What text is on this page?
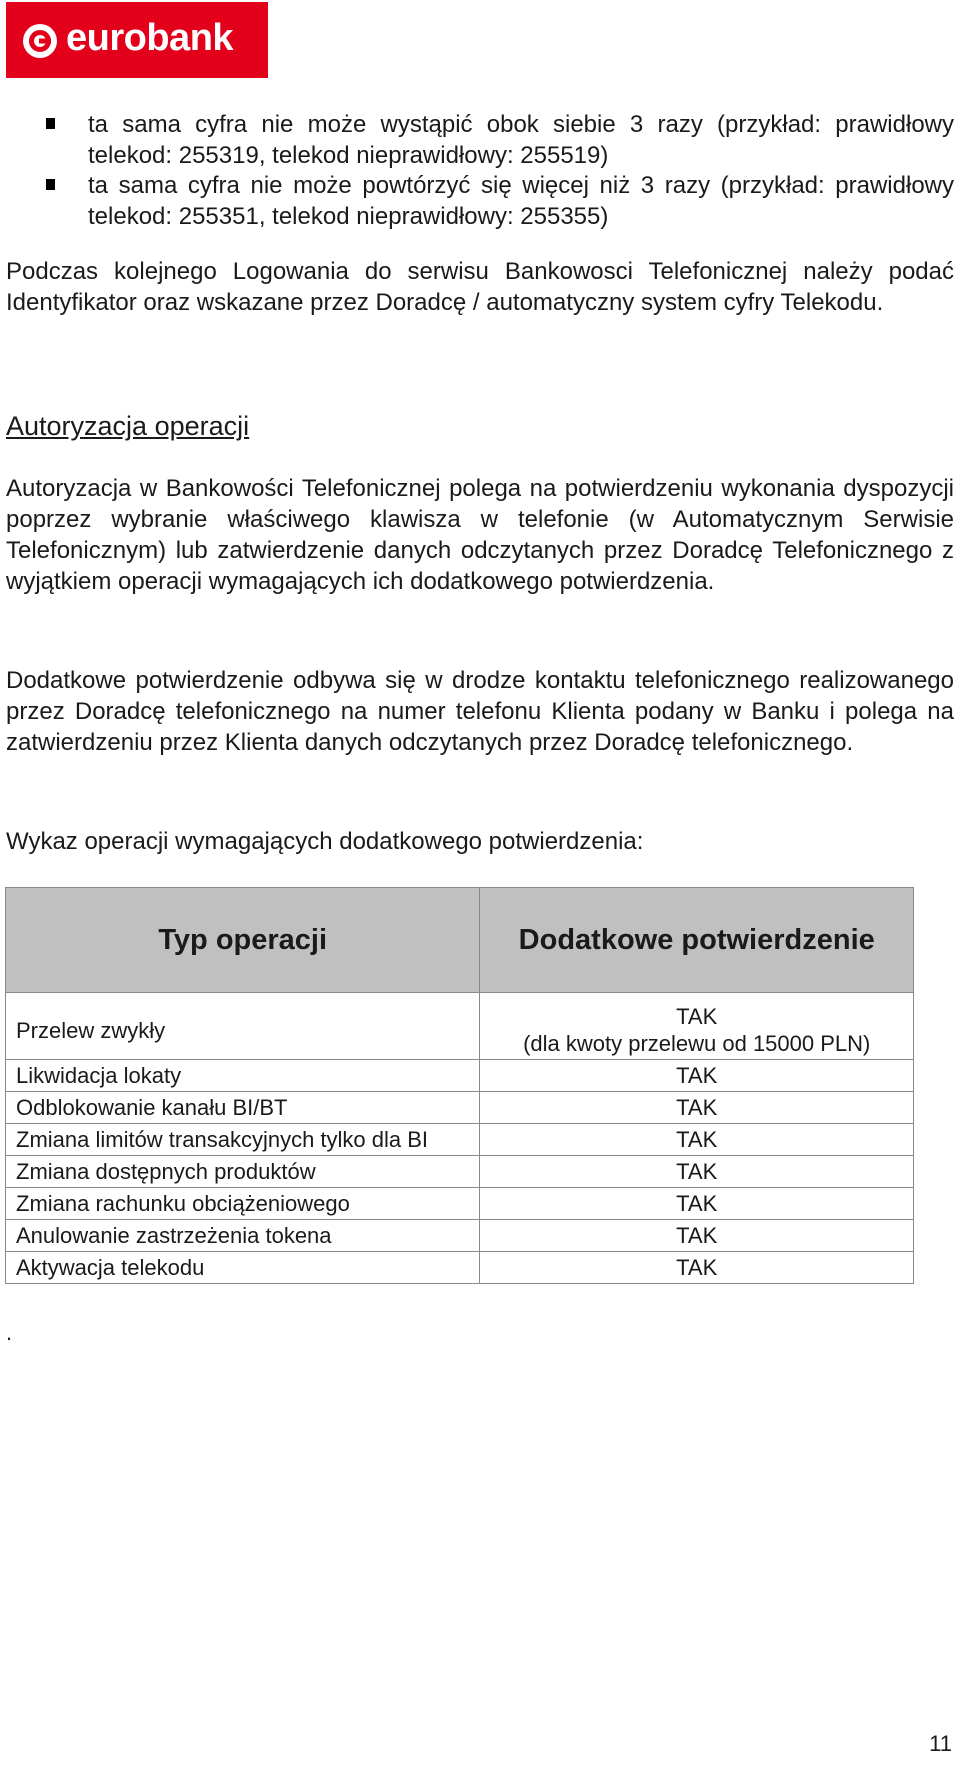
eurobank
ta sama cyfra nie może wystąpić obok siebie 3 razy (przykład: prawidłowy telekod: 255319, telekod nieprawidłowy: 255519)
ta sama cyfra nie może powtórzyć się więcej niż 3 razy (przykład: prawidłowy telekod: 255351, telekod nieprawidłowy: 255355)

Podczas kolejnego Logowania do serwisu Bankowosci Telefonicznej należy podać Identyfikator oraz wskazane przez Doradcę / automatyczny system cyfry Telekodu.

Autoryzacja operacji

Autoryzacja w Bankowości Telefonicznej polega na potwierdzeniu wykonania dyspozycji poprzez wybranie właściwego klawisza w telefonie (w Automatycznym Serwisie Telefonicznym) lub zatwierdzenie danych odczytanych przez Doradcę Telefonicznego z wyjątkiem operacji wymagających ich dodatkowego potwierdzenia.

Dodatkowe potwierdzenie odbywa się w drodze kontaktu telefonicznego realizowanego przez Doradcę telefonicznego na numer telefonu Klienta podany w Banku i polega na zatwierdzeniu przez Klienta danych odczytanych przez Doradcę telefonicznego.

Wykaz operacji wymagających dodatkowego potwierdzenia:

Typ operacji	Dodatkowe potwierdzenie
Przelew zwykły	TAK
(dla kwoty przelewu od 15000 PLN)

Likwidacja lokaty	TAK
Odblokowanie kanału BI/BT	TAK
Zmiana limitów transakcyjnych tylko dla BI	TAK
Zmiana dostępnych produktów	TAK
Zmiana rachunku obciążeniowego	TAK
Anulowanie zastrzeżenia tokena	TAK
Aktywacja telekodu	TAK
.
11
